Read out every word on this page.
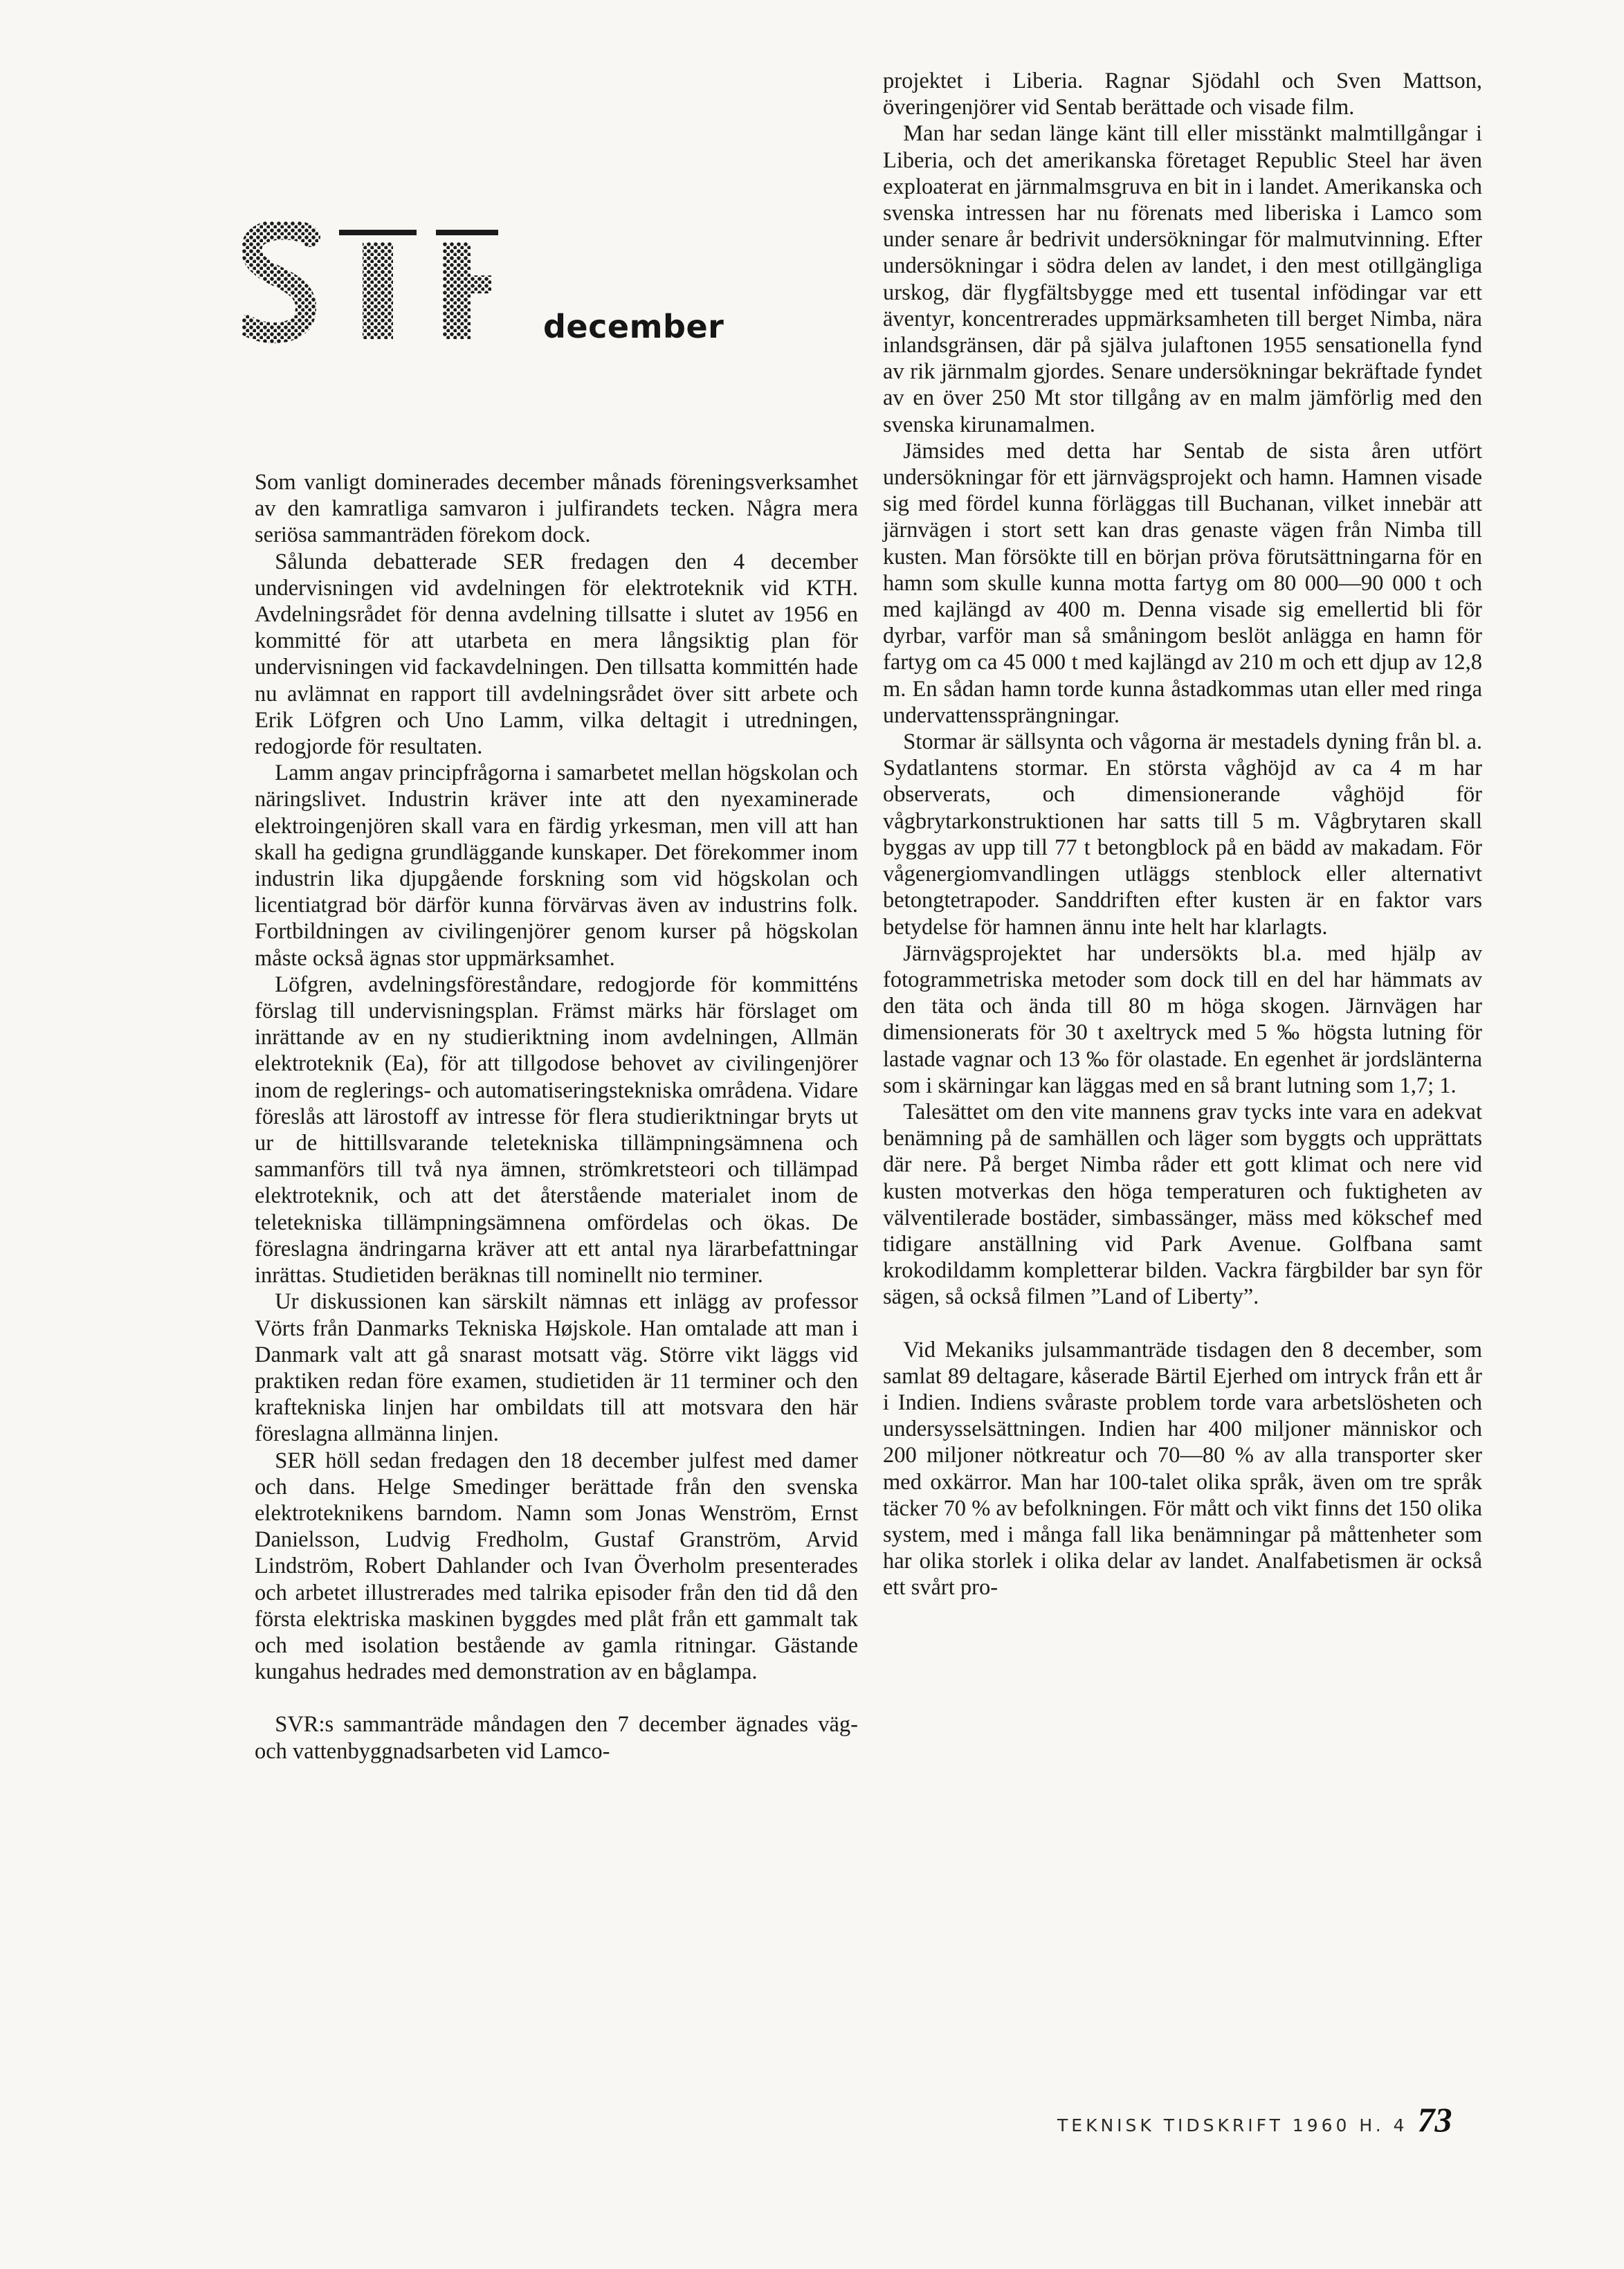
december

Som vanligt dominerades december månads föreningsverksamhet av den kamratliga samvaron i julfirandets tecken. Några mera seriösa sammanträden förekom dock.

Sålunda debatterade SER fredagen den 4 december undervisningen vid avdelningen för elektroteknik vid KTH. Avdelningsrådet för denna avdelning tillsatte i slutet av 1956 en kommitté för att utarbeta en mera långsiktig plan för undervisningen vid fackavdelningen. Den tillsatta kommittén hade nu avlämnat en rapport till avdelningsrådet över sitt arbete och Erik Löfgren och Uno Lamm, vilka deltagit i utredningen, redogjorde för resultaten.

Lamm angav principfrågorna i samarbetet mellan högskolan och näringslivet. Industrin kräver inte att den nyexaminerade elektroingenjören skall vara en färdig yrkesman, men vill att han skall ha gedigna grundläggande kunskaper. Det förekommer inom industrin lika djupgående forskning som vid högskolan och licentiatgrad bör därför kunna förvärvas även av industrins folk. Fortbildningen av civilingenjörer genom kurser på högskolan måste också ägnas stor uppmärksamhet.

Löfgren, avdelningsföreståndare, redogjorde för kommitténs förslag till undervisningsplan. Främst märks här förslaget om inrättande av en ny studieriktning inom avdelningen, Allmän elektroteknik (Ea), för att tillgodose behovet av civilingenjörer inom de reglerings- och automatiseringstekniska områdena. Vidare föreslås att lärostoff av intresse för flera studieriktningar bryts ut ur de hittillsvarande teletekniska tillämpningsämnena och sammanförs till två nya ämnen, strömkretsteori och tillämpad elektroteknik, och att det återstående materialet inom de teletekniska tillämpningsämnena omfördelas och ökas. De föreslagna ändringarna kräver att ett antal nya lärarbefattningar inrättas. Studietiden beräknas till nominellt nio terminer.

Ur diskussionen kan särskilt nämnas ett inlägg av professor Vörts från Danmarks Tekniska Højskole. Han omtalade att man i Danmark valt att gå snarast motsatt väg. Större vikt läggs vid praktiken redan före examen, studietiden är 11 terminer och den kraftekniska linjen har ombildats till att motsvara den här föreslagna allmänna linjen.

SER höll sedan fredagen den 18 december julfest med damer och dans. Helge Smedinger berättade från den svenska elektroteknikens barndom. Namn som Jonas Wenström, Ernst Danielsson, Ludvig Fredholm, Gustaf Granström, Arvid Lindström, Robert Dahlander och Ivan Överholm presenterades och arbetet illustrerades med talrika episoder från den tid då den första elektriska maskinen byggdes med plåt från ett gammalt tak och med isolation bestående av gamla ritningar. Gästande kungahus hedrades med demonstration av en båglampa.

SVR:s sammanträde måndagen den 7 december ägnades väg- och vattenbyggnadsarbeten vid Lamco-

projektet i Liberia. Ragnar Sjödahl och Sven Mattson, överingenjörer vid Sentab berättade och visade film.

Man har sedan länge känt till eller misstänkt malmtillgångar i Liberia, och det amerikanska företaget Republic Steel har även exploaterat en järnmalmsgruva en bit in i landet. Amerikanska och svenska intressen har nu förenats med liberiska i Lamco som under senare år bedrivit undersökningar för malmutvinning. Efter undersökningar i södra delen av landet, i den mest otillgängliga urskog, där flygfältsbygge med ett tusental infödingar var ett äventyr, koncentrerades uppmärksamheten till berget Nimba, nära inlandsgränsen, där på själva julaftonen 1955 sensationella fynd av rik järnmalm gjordes. Senare undersökningar bekräftade fyndet av en över 250 Mt stor tillgång av en malm jämförlig med den svenska kirunamalmen.

Jämsides med detta har Sentab de sista åren utfört undersökningar för ett järnvägsprojekt och hamn. Hamnen visade sig med fördel kunna förläggas till Buchanan, vilket innebär att järnvägen i stort sett kan dras genaste vägen från Nimba till kusten. Man försökte till en början pröva förutsättningarna för en hamn som skulle kunna motta fartyg om 80 000—90 000 t och med kajlängd av 400 m. Denna visade sig emellertid bli för dyrbar, varför man så småningom beslöt anlägga en hamn för fartyg om ca 45 000 t med kajlängd av 210 m och ett djup av 12,8 m. En sådan hamn torde kunna åstadkommas utan eller med ringa undervattenssprängningar.

Stormar är sällsynta och vågorna är mestadels dyning från bl. a. Sydatlantens stormar. En största våghöjd av ca 4 m har observerats, och dimensionerande våghöjd för vågbrytarkonstruktionen har satts till 5 m. Vågbrytaren skall byggas av upp till 77 t betongblock på en bädd av makadam. För vågenergiomvandlingen utläggs stenblock eller alternativt betongtetrapoder. Sanddriften efter kusten är en faktor vars betydelse för hamnen ännu inte helt har klarlagts.

Järnvägsprojektet har undersökts bl.a. med hjälp av fotogrammetriska metoder som dock till en del har hämmats av den täta och ända till 80 m höga skogen. Järnvägen har dimensionerats för 30 t axeltryck med 5 ‰ högsta lutning för lastade vagnar och 13 ‰ för olastade. En egenhet är jordslänterna som i skärningar kan läggas med en så brant lutning som 1,7; 1.

Talesättet om den vite mannens grav tycks inte vara en adekvat benämning på de samhällen och läger som byggts och upprättats där nere. På berget Nimba råder ett gott klimat och nere vid kusten motverkas den höga temperaturen och fuktigheten av välventilerade bostäder, simbassänger, mäss med kökschef med tidigare anställning vid Park Avenue. Golfbana samt krokodildamm kompletterar bilden. Vackra färgbilder bar syn för sägen, så också filmen ”Land of Liberty”.

Vid Mekaniks julsammanträde tisdagen den 8 december, som samlat 89 deltagare, kåserade Bärtil Ejerhed om intryck från ett år i Indien. Indiens svåraste problem torde vara arbetslösheten och undersysselsättningen. Indien har 400 miljoner människor och 200 miljoner nötkreatur och 70—80 % av alla transporter sker med oxkärror. Man har 100-talet olika språk, även om tre språk täcker 70 % av befolkningen. För mått och vikt finns det 150 olika system, med i många fall lika benämningar på måttenheter som har olika storlek i olika delar av landet. Analfabetismen är också ett svårt pro-

TEKNISK TIDSKRIFT 1960 H. 4 73
